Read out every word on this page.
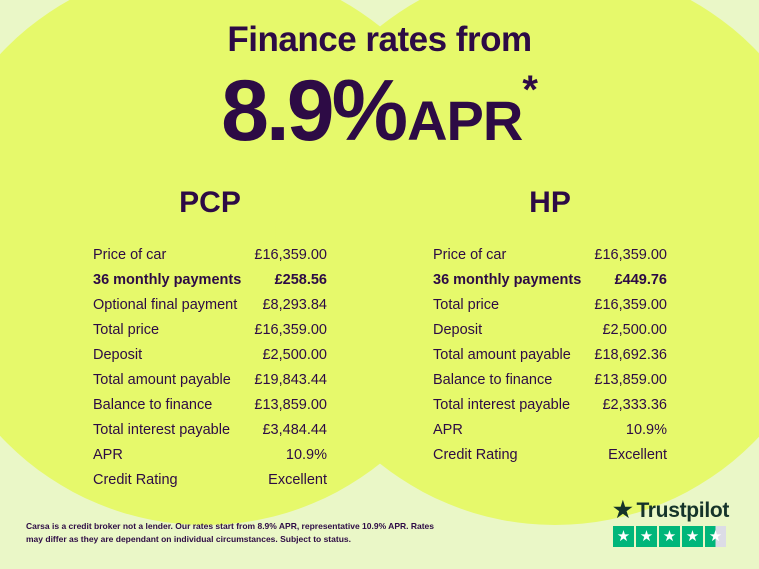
Finance rates from
8.9%APR*
PCP
Price of car	£16,359.00
36 monthly payments £258.56
Optional final payment £8,293.84
Total price	£16,359.00
Deposit	£2,500.00
Total amount payable £19,843.44
Balance to finance	£13,859.00
Total interest payable £3,484.44
APR	10.9%
Credit Rating	Excellent
HP
Price of car	£16,359.00
36 monthly payments £449.76
Total price	£16,359.00
Deposit	£2,500.00
Total amount payable £18,692.36
Balance to finance	£13,859.00
Total interest payable £2,333.36
APR	10.9%
Credit Rating	Excellent
Carsa is a credit broker not a lender. Our rates start from 8.9% APR, representative 10.9% APR. Rates may differ as they are dependant on individual circumstances. Subject to status.
★ Trustpilot
★ ★ ★ ★ ★
